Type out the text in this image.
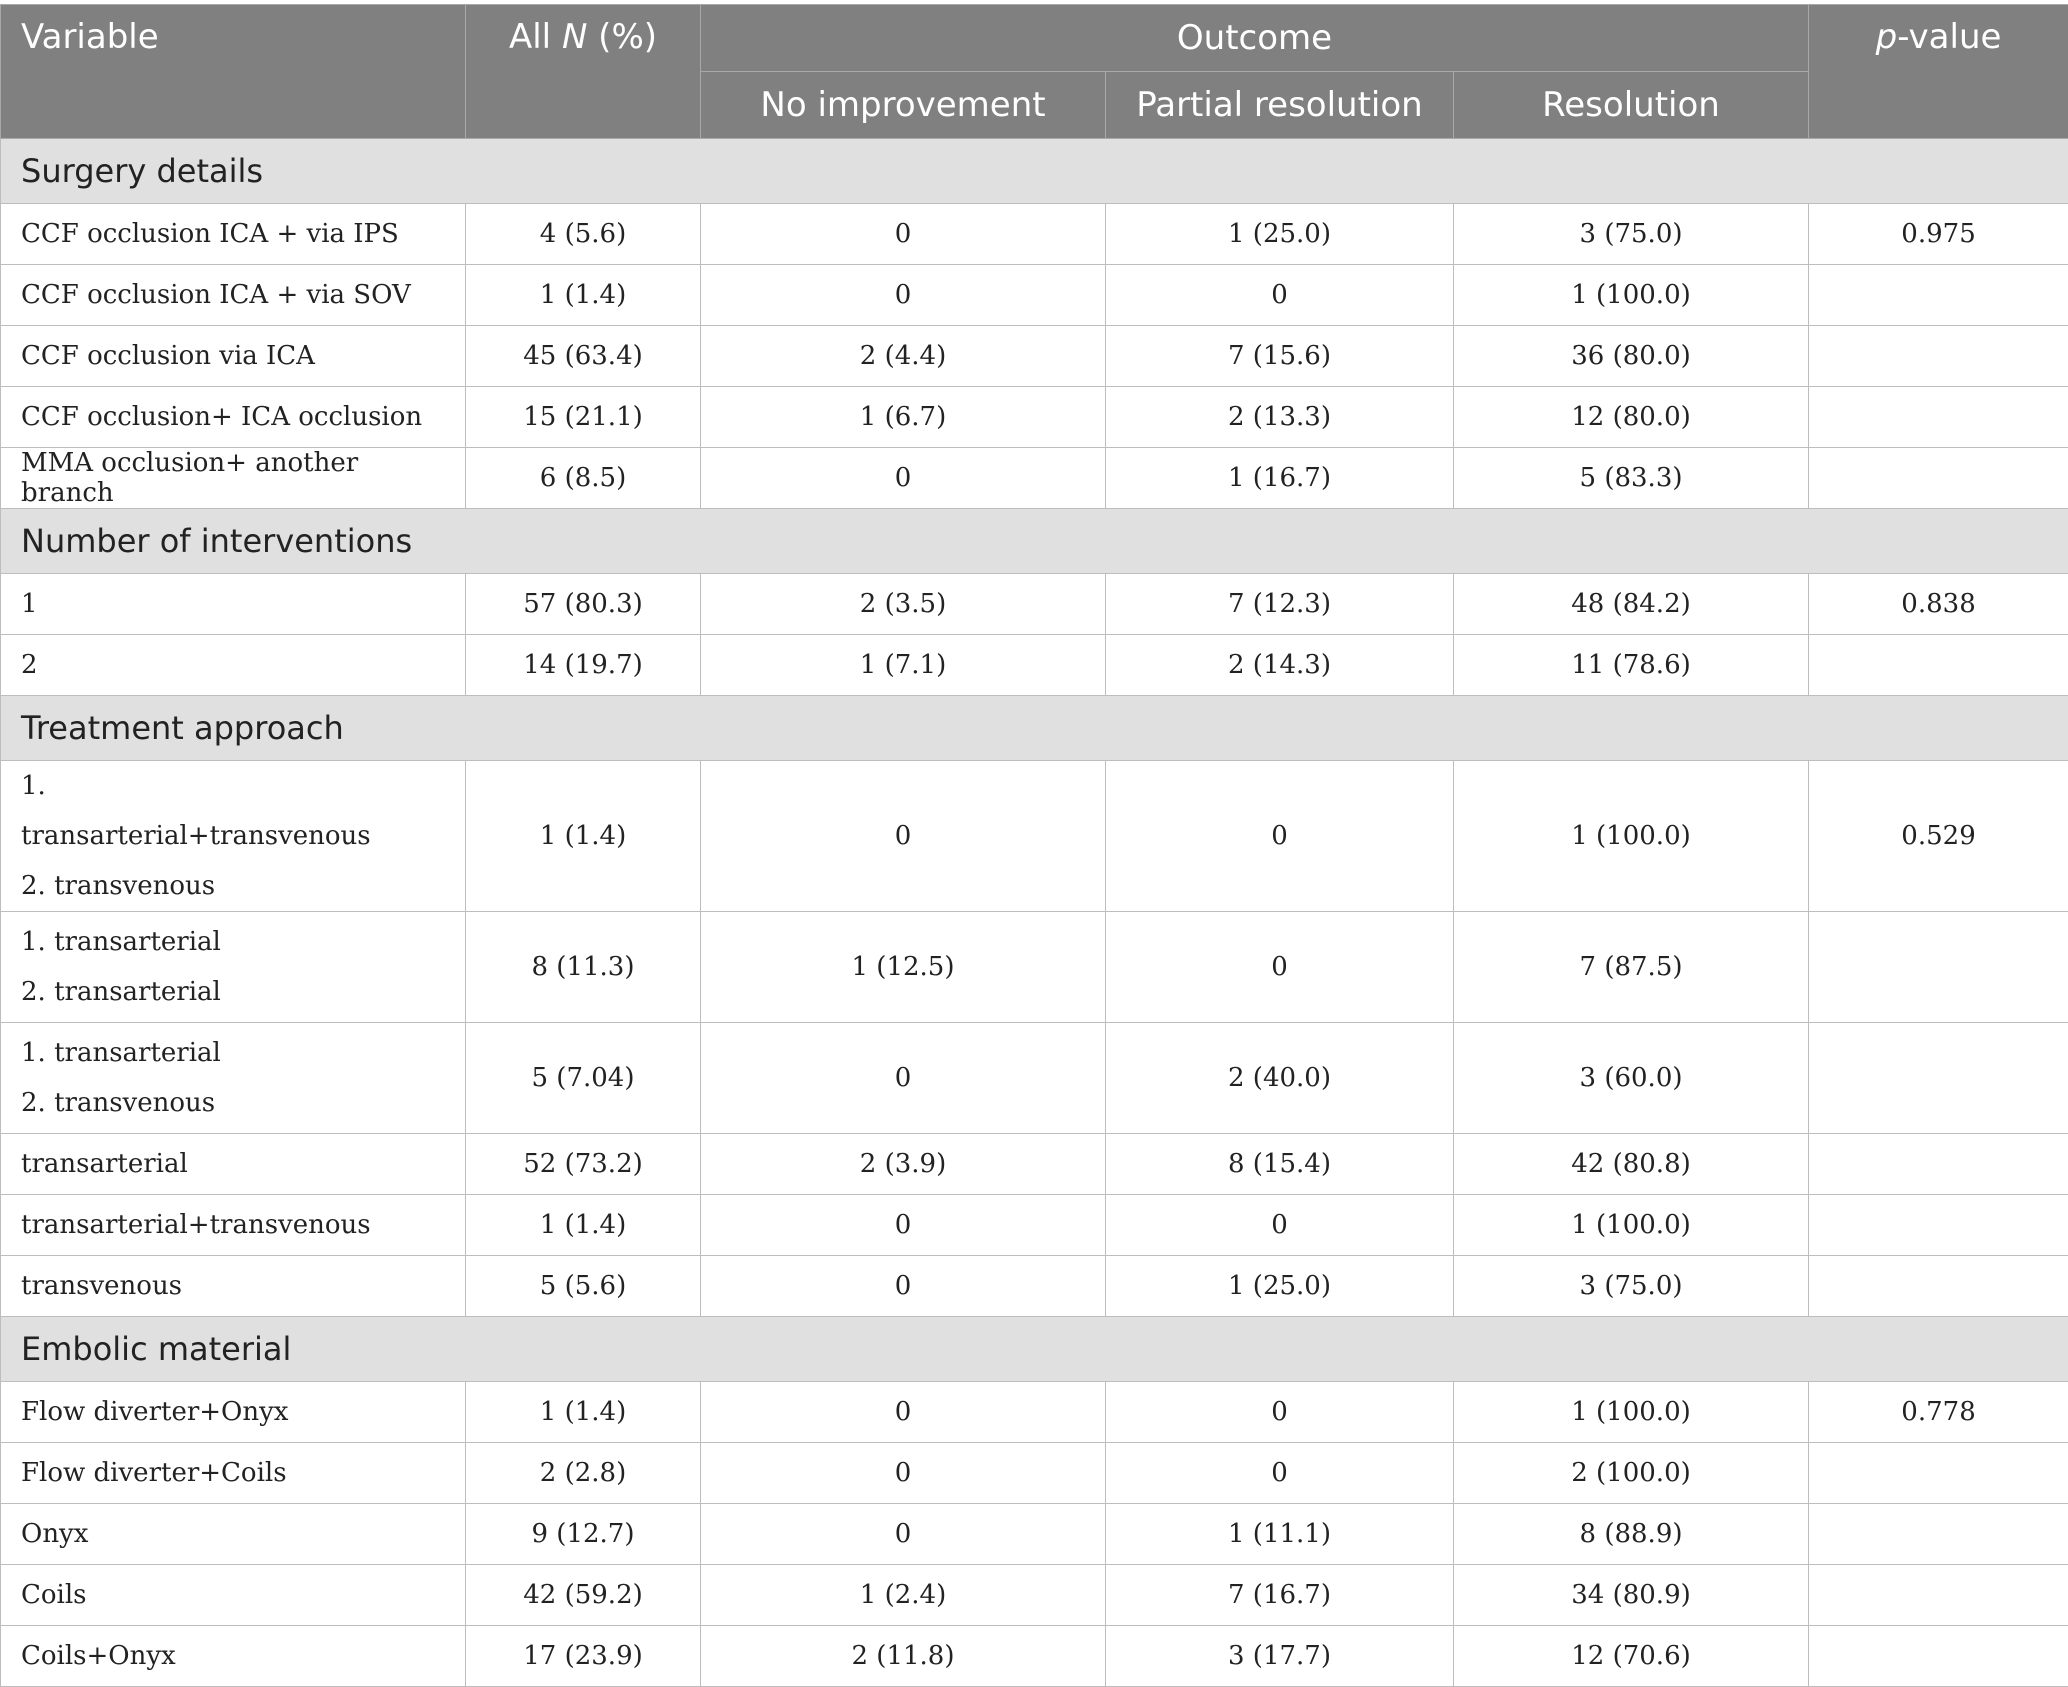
Variable	All N (%)	Outcome			p-value
		No improvement	Partial resolution	Resolution	
Surgery details					
CCF occlusion ICA + via IPS	4 (5.6)	0	1 (25.0)	3 (75.0)	0.975
CCF occlusion ICA + via SOV	1 (1.4)	0	0	1 (100.0)	
CCF occlusion via ICA	45 (63.4)	2 (4.4)	7 (15.6)	36 (80.0)	
CCF occlusion+ ICA occlusion	15 (21.1)	1 (6.7)	2 (13.3)	12 (80.0)	
MMA occlusion+ another branch	6 (8.5)	0	1 (16.7)	5 (83.3)	
Number of interventions					
1	57 (80.3)	2 (3.5)	7 (12.3)	48 (84.2)	0.838
2	14 (19.7)	1 (7.1)	2 (14.3)	11 (78.6)	
Treatment approach					
1. transarterial+transvenous 2. transvenous	1 (1.4)	0	0	1 (100.0)	0.529

1. transarterial
2. transarterial	8 (11.3)	1 (12.5)	0	7 (87.5)	

1. transarterial
2. transvenous	5 (7.04)	0	2 (40.0)	3 (60.0)	
transarterial	52 (73.2)	2 (3.9)	8 (15.4)	42 (80.8)	
transarterial+transvenous	1 (1.4)	0	0	1 (100.0)	
transvenous	5 (5.6)	0	1 (25.0)	3 (75.0)	
Embolic material					
Flow diverter+Onyx	1 (1.4)	0	0	1 (100.0)	0.778
Flow diverter+Coils	2 (2.8)	0	0	2 (100.0)	
Onyx	9 (12.7)	0	1 (11.1)	8 (88.9)	
Coils	42 (59.2)	1 (2.4)	7 (16.7)	34 (80.9)	
Coils+Onyx	17 (23.9)	2 (11.8)	3 (17.7)	12 (70.6)	
